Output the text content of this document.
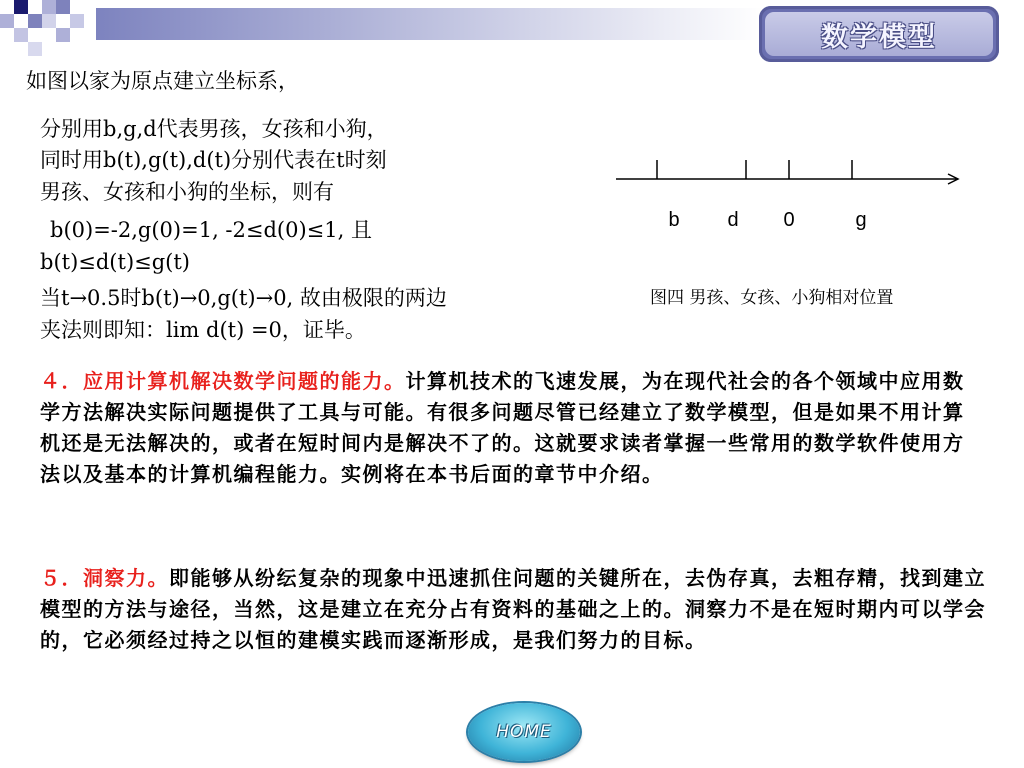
数学模型
如图以家为原点建立坐标系，
分别用b,g,d代表男孩，女孩和小狗，
同时用b(t),g(t),d(t)分别代表在t时刻
男孩、女孩和小狗的坐标，则有
b(0)=-2,g(0)=1, -2≤d(0)≤1, 且
b(t)≤d(t)≤g(t)
当t→0.5时b(t)→0,g(t)→0, 故由极限的两边
夹法则即知：lim d(t) =0，证毕。
b d 0	g
图四 男孩、女孩、小狗相对位置
４．应用计算机解决数学问题的能力。计算机技术的飞速发展，为在现代社会的各个领域中应用数学方法解决实际问题提供了工具与可能。有很多问题尽管已经建立了数学模型，但是如果不用计算机还是无法解决的，或者在短时间内是解决不了的。这就要求读者掌握一些常用的数学软件使用方法以及基本的计算机编程能力。实例将在本书后面的章节中介绍。
５．洞察力。即能够从纷纭复杂的现象中迅速抓住问题的关键所在，去伪存真，去粗存精，找到建立模型的方法与途径，当然，这是建立在充分占有资料的基础之上的。洞察力不是在短时期内可以学会的，它必须经过持之以恒的建模实践而逐渐形成，是我们努力的目标。
HOME
